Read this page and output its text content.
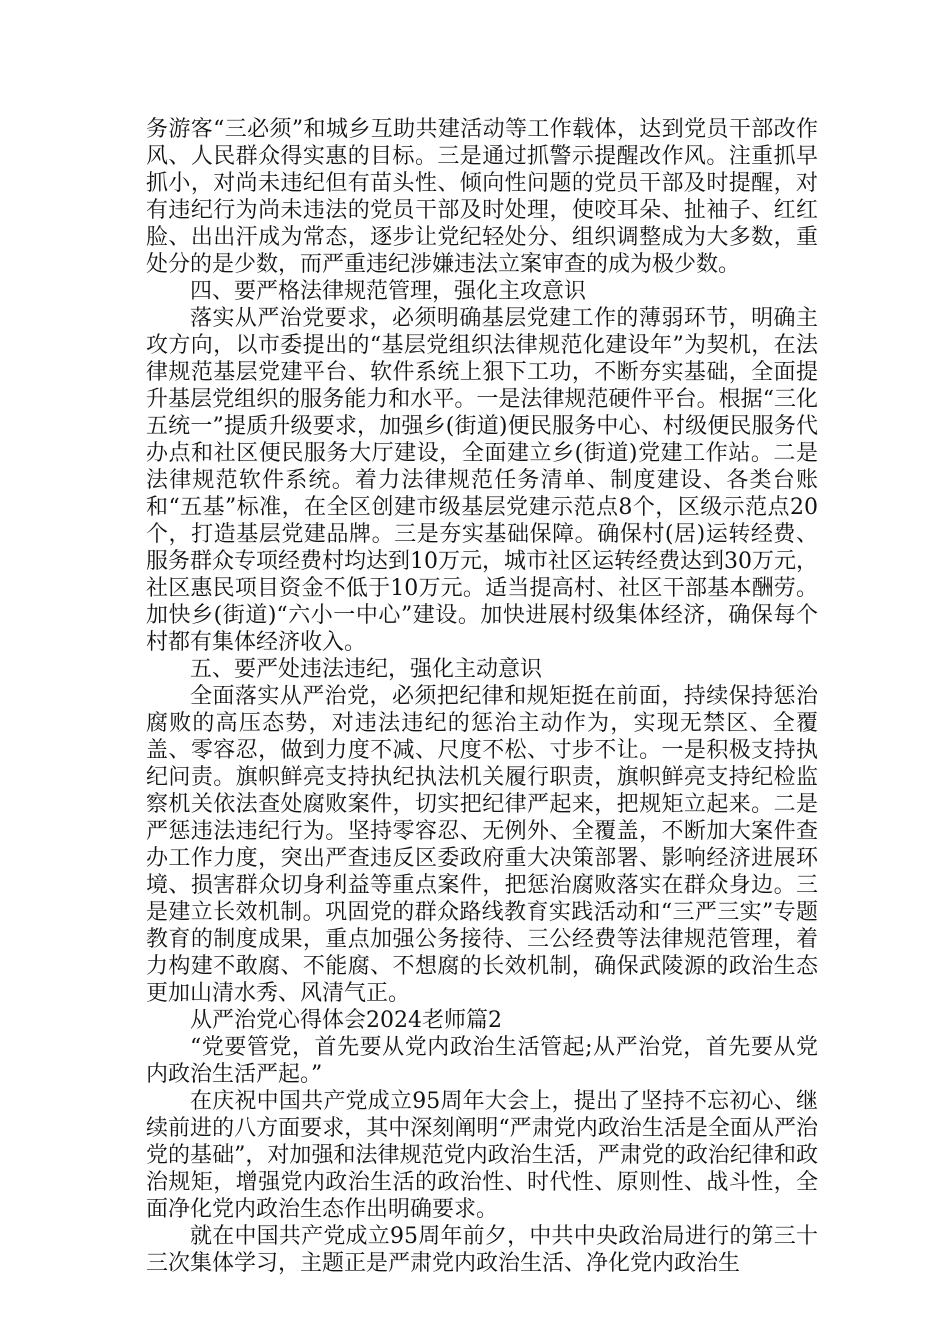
务游客“三必须”和城乡互助共建活动等工作载体，达到党员干部改作风、人民群众得实惠的目标。三是通过抓警示提醒改作风。注重抓早抓小，对尚未违纪但有苗头性、倾向性问题的党员干部及时提醒，对有违纪行为尚未违法的党员干部及时处理，使咬耳朵、扯袖子、红红脸、出出汗成为常态，逐步让党纪轻处分、组织调整成为大多数，重处分的是少数，而严重违纪涉嫌违法立案审查的成为极少数。

四、要严格法律规范管理，强化主攻意识

落实从严治党要求，必须明确基层党建工作的薄弱环节，明确主攻方向，以市委提出的“基层党组织法律规范化建设年”为契机，在法律规范基层党建平台、软件系统上狠下工功，不断夯实基础，全面提升基层党组织的服务能力和水平。一是法律规范硬件平台。根据“三化五统一”提质升级要求，加强乡(街道)便民服务中心、村级便民服务代办点和社区便民服务大厅建设，全面建立乡(街道)党建工作站。二是法律规范软件系统。着力法律规范任务清单、制度建设、各类台账和“五基”标准，在全区创建市级基层党建示范点8个，区级示范点20个，打造基层党建品牌。三是夯实基础保障。确保村(居)运转经费、服务群众专项经费村均达到10万元，城市社区运转经费达到30万元，社区惠民项目资金不低于10万元。适当提高村、社区干部基本酬劳。加快乡(街道)“六小一中心”建设。加快进展村级集体经济，确保每个村都有集体经济收入。

五、要严处违法违纪，强化主动意识

全面落实从严治党，必须把纪律和规矩挺在前面，持续保持惩治腐败的高压态势，对违法违纪的惩治主动作为，实现无禁区、全覆盖、零容忍，做到力度不减、尺度不松、寸步不让。一是积极支持执纪问责。旗帜鲜亮支持执纪执法机关履行职责，旗帜鲜亮支持纪检监察机关依法查处腐败案件，切实把纪律严起来，把规矩立起来。二是严惩违法违纪行为。坚持零容忍、无例外、全覆盖，不断加大案件查办工作力度，突出严查违反区委政府重大决策部署、影响经济进展环境、损害群众切身利益等重点案件，把惩治腐败落实在群众身边。三是建立长效机制。巩固党的群众路线教育实践活动和“三严三实”专题教育的制度成果，重点加强公务接待、三公经费等法律规范管理，着力构建不敢腐、不能腐、不想腐的长效机制，确保武陵源的政治生态更加山清水秀、风清气正。

从严治党心得体会2024老师篇2

“党要管党，首先要从党内政治生活管起;从严治党，首先要从党内政治生活严起。”

在庆祝中国共产党成立95周年大会上，提出了坚持不忘初心、继续前进的八方面要求，其中深刻阐明“严肃党内政治生活是全面从严治党的基础”，对加强和法律规范党内政治生活，严肃党的政治纪律和政治规矩，增强党内政治生活的政治性、时代性、原则性、战斗性，全面净化党内政治生态作出明确要求。

就在中国共产党成立95周年前夕，中共中央政治局进行的第三十三次集体学习，主题正是严肃党内政治生活、净化党内政治生
